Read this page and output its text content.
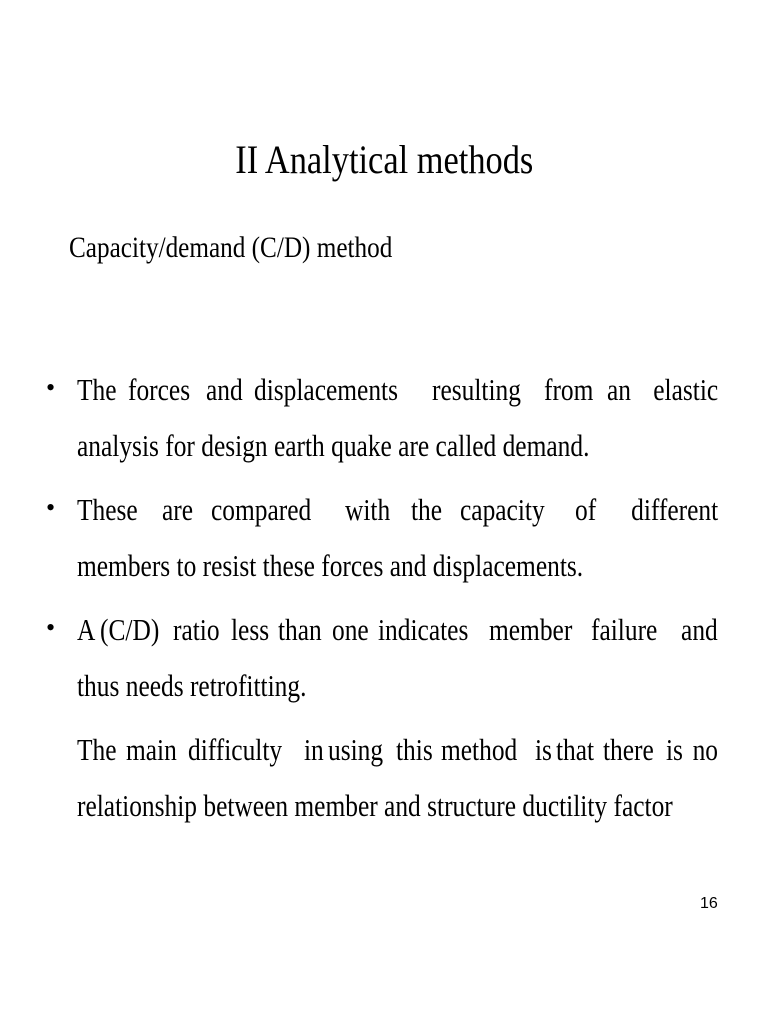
II Analytical methods
Capacity/demand (C/D) method
• The forces and displacements resulting from an elastic
analysis for design earth quake are called demand.
• These are compared with the capacity of different
members to resist these forces and displacements.
• A (C/D) ratio less than one indicates member failure and
thus needs retrofitting.
The main difficulty in using this method is that there is no
relationship between member and structure ductility factor
16
